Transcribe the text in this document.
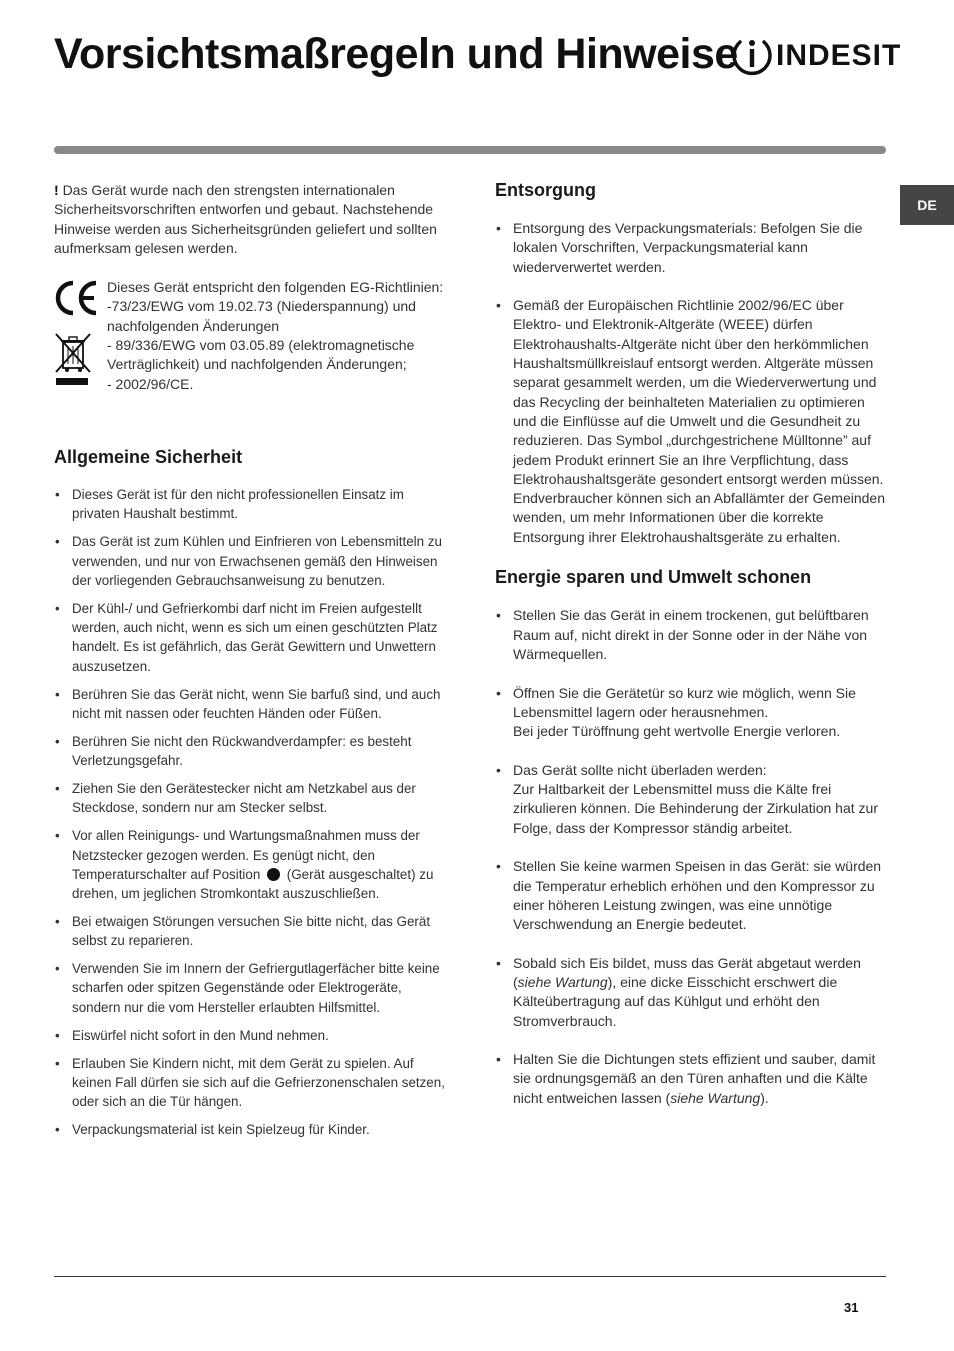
Vorsichtsmaßregeln und Hinweise INDESIT
DE

! Das Gerät wurde nach den strengsten internationalen Sicherheitsvorschriften entworfen und gebaut. Nachstehende Hinweise werden aus Sicherheitsgründen geliefert und sollten aufmerksam gelesen werden.

Dieses Gerät entspricht den folgenden EG-Richtlinien:

-73/23/EWG vom 19.02.73 (Niederspannung) und nachfolgenden Änderungen

- 89/336/EWG vom 03.05.89 (elektromagnetische Verträglichkeit) und nachfolgenden Änderungen;

- 2002/96/CE.

Allgemeine Sicherheit
• Dieses Gerät ist für den nicht professionellen Einsatz im privaten Haushalt bestimmt.
• Das Gerät ist zum Kühlen und Einfrieren von Lebensmitteln zu verwenden, und nur von Erwachsenen gemäß den Hinweisen der vorliegenden Gebrauchsanweisung zu benutzen.
• Der Kühl-/ und Gefrierkombi darf nicht im Freien aufgestellt werden, auch nicht, wenn es sich um einen geschützten Platz handelt. Es ist gefährlich, das Gerät Gewittern und Unwettern auszusetzen.
• Berühren Sie das Gerät nicht, wenn Sie barfuß sind, und auch nicht mit nassen oder feuchten Händen oder Füßen.
• Berühren Sie nicht den Rückwandverdampfer: es besteht Verletzungsgefahr.
• Ziehen Sie den Gerätestecker nicht am Netzkabel aus der Steckdose, sondern nur am Stecker selbst.
• Vor allen Reinigungs- und Wartungsmaßnahmen muss der Netzstecker gezogen werden. Es genügt nicht, den Temperaturschalter auf Position (Gerät ausgeschaltet) zu drehen, um jeglichen Stromkontakt auszuschließen.
• Bei etwaigen Störungen versuchen Sie bitte nicht, das Gerät selbst zu reparieren.
• Verwenden Sie im Innern der Gefriergutlagerfächer bitte keine scharfen oder spitzen Gegenstände oder Elektrogeräte, sondern nur die vom Hersteller erlaubten Hilfsmittel.
• Eiswürfel nicht sofort in den Mund nehmen.
• Erlauben Sie Kindern nicht, mit dem Gerät zu spielen. Auf keinen Fall dürfen sie sich auf die Gefrierzonenschalen setzen, oder sich an die Tür hängen.
• Verpackungsmaterial ist kein Spielzeug für Kinder.
Entsorgung
• Entsorgung des Verpackungsmaterials: Befolgen Sie die lokalen Vorschriften, Verpackungsmaterial kann wiederverwertet werden.
• Gemäß der Europäischen Richtlinie 2002/96/EC über Elektro- und Elektronik-Altgeräte (WEEE) dürfen Elektrohaushalts-Altgeräte nicht über den herkömmlichen Haushaltsmüllkreislauf entsorgt werden. Altgeräte müssen separat gesammelt werden, um die Wiederverwertung und das Recycling der beinhalteten Materialien zu optimieren und die Einflüsse auf die Umwelt und die Gesundheit zu reduzieren. Das Symbol „durchgestrichene Mülltonne” auf jedem Produkt erinnert Sie an Ihre Verpflichtung, dass Elektrohaushaltsgeräte gesondert entsorgt werden müssen.
Endverbraucher können sich an Abfallämter der Gemeinden wenden, um mehr Informationen über die korrekte Entsorgung ihrer Elektrohaushaltsgeräte zu erhalten.
Energie sparen und Umwelt schonen
• Stellen Sie das Gerät in einem trockenen, gut belüftbaren Raum auf, nicht direkt in der Sonne oder in der Nähe von Wärmequellen.
• Öffnen Sie die Gerätetür so kurz wie möglich, wenn Sie Lebensmittel lagern oder herausnehmen.
Bei jeder Türöffnung geht wertvolle Energie verloren.
• Das Gerät sollte nicht überladen werden:
Zur Haltbarkeit der Lebensmittel muss die Kälte frei zirkulieren können. Die Behinderung der Zirkulation hat zur Folge, dass der Kompressor ständig arbeitet.
• Stellen Sie keine warmen Speisen in das Gerät: sie würden die Temperatur erheblich erhöhen und den Kompressor zu einer höheren Leistung zwingen, was eine unnötige Verschwendung an Energie bedeutet.
• Sobald sich Eis bildet, muss das Gerät abgetaut werden (siehe Wartung), eine dicke Eisschicht erschwert die Kälteübertragung auf das Kühlgut und erhöht den Stromverbrauch.
• Halten Sie die Dichtungen stets effizient und sauber, damit sie ordnungsgemäß an den Türen anhaften und die Kälte nicht entweichen lassen (siehe Wartung).
31
